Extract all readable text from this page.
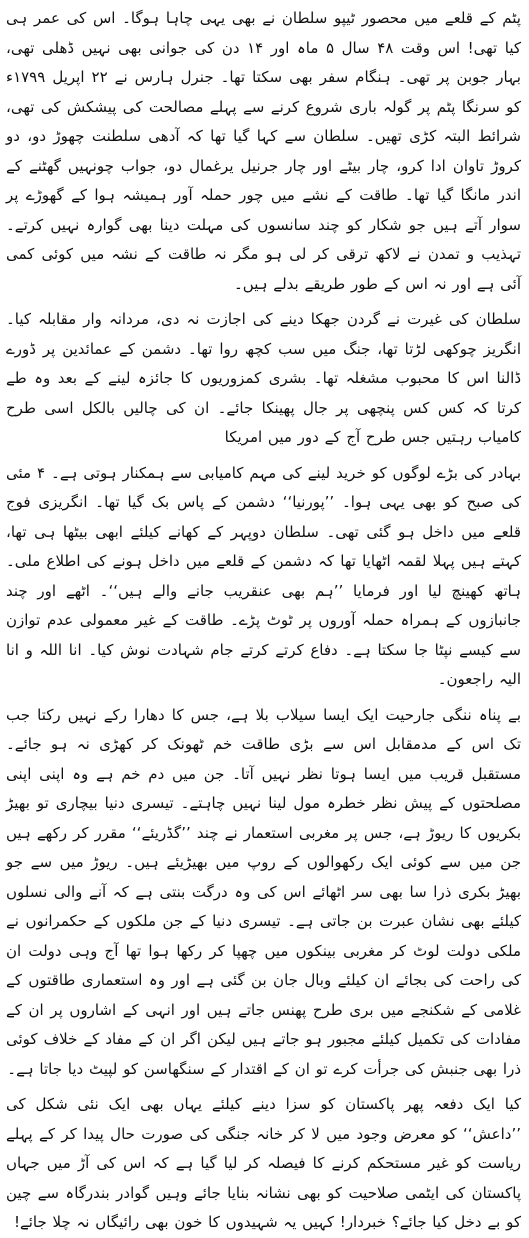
پٹم کے قلعے میں محصور ٹیپو سلطان نے بھی یہی چاہا ہوگا۔ اس کی عمر ہی کیا تھی! اس وقت ۴۸ سال ۵ ماہ اور ۱۴ دن کی جوانی بھی نہیں ڈھلی تھی، بہار جوبن پر تھی۔ ہنگام سفر بھی سکتا تھا۔ جنرل ہارس نے ۲۲ اپریل ۱۷۹۹ء کو سرنگا پٹم پر گولہ باری شروع کرنے سے پہلے مصالحت کی پیشکش کی تھی، شرائط البتہ کڑی تھیں۔ سلطان سے کہا گیا تھا کہ آدھی سلطنت چھوڑ دو، دو کروڑ تاوان ادا کرو، چار بیٹے اور چار جرنیل یرغمال دو، جواب چونہیں گھٹنے کے اندر مانگا گیا تھا۔ طاقت کے نشے میں چور حملہ آور ہمیشہ ہوا کے گھوڑے پر سوار آتے ہیں جو شکار کو چند سانسوں کی مہلت دینا بھی گوارہ نہیں کرتے۔ تہذیب و تمدن نے لاکھ ترقی کر لی ہو مگر نہ طاقت کے نشہ میں کوئی کمی آئی ہے اور نہ اس کے طور طریقے بدلے ہیں۔

سلطان کی غیرت نے گردن جھکا دینے کی اجازت نہ دی، مردانہ وار مقابلہ کیا۔ انگریز چوکھی لڑتا تھا، جنگ میں سب کچھ روا تھا۔ دشمن کے عمائدین پر ڈورے ڈالنا اس کا محبوب مشغلہ تھا۔ بشری کمزوریوں کا جائزہ لینے کے بعد وہ طے کرتا کہ کس کس پنچھی پر جال پھینکا جائے۔ ان کی چالیں بالکل اسی طرح کامیاب رہتیں جس طرح آج کے دور میں امریکا

بہادر کی بڑے لوگوں کو خرید لینے کی مہم کامیابی سے ہمکنار ہوتی ہے۔ ۴ مئی کی صبح کو بھی یہی ہوا۔ ’’پورنیا‘‘ دشمن کے پاس بک گیا تھا۔ انگریزی فوج قلعے میں داخل ہو گئی تھی۔ سلطان دوپہر کے کھانے کیلئے ابھی بیٹھا ہی تھا، کہتے ہیں پہلا لقمہ اٹھایا تھا کہ دشمن کے قلعے میں داخل ہونے کی اطلاع ملی۔ ہاتھ کھینچ لیا اور فرمایا ’’ہم بھی عنقریب جانے والے ہیں‘‘۔ اٹھے اور چند جانبازوں کے ہمراہ حملہ آوروں پر ٹوٹ پڑے۔ طاقت کے غیر معمولی عدم توازن سے کیسے نپٹا جا سکتا ہے۔ دفاع کرتے کرتے جام شہادت نوش کیا۔ انا اللہ و انا الیہ راجعون۔

بے پناہ ننگی جارحیت ایک ایسا سیلاب بلا ہے، جس کا دھارا رکے نہیں رکتا جب تک اس کے مدمقابل اس سے بڑی طاقت خم ٹھونک کر کھڑی نہ ہو جائے۔ مستقبل قریب میں ایسا ہوتا نظر نہیں آتا۔ جن میں دم خم ہے وہ اپنی اپنی مصلحتوں کے پیش نظر خطرہ مول لینا نہیں چاہتے۔ تیسری دنیا بیچاری تو بھیڑ بکریوں کا ریوڑ ہے، جس پر مغربی استعمار نے چند ’’گڈریئے‘‘ مقرر کر رکھے ہیں جن میں سے کوئی ایک رکھوالوں کے روپ میں بھیڑیئے ہیں۔ ریوڑ میں سے جو بھیڑ بکری ذرا سا بھی سر اٹھائے اس کی وہ درگت بنتی ہے کہ آنے والی نسلوں کیلئے بھی نشان عبرت بن جاتی ہے۔ تیسری دنیا کے جن ملکوں کے حکمرانوں نے ملکی دولت لوٹ کر مغربی بینکوں میں چھپا کر رکھا ہوا تھا آج وہی دولت ان کی راحت کی بجائے ان کیلئے وبال جان بن گئی ہے اور وہ استعماری طاقتوں کے غلامی کے شکنجے میں بری طرح پھنس جاتے ہیں اور انہی کے اشاروں پر ان کے مفادات کی تکمیل کیلئے مجبور ہو جاتے ہیں لیکن اگر ان کے مفاد کے خلاف کوئی ذرا بھی جنبش کی جرأت کرے تو ان کے اقتدار کے سنگھاسن کو لپیٹ دیا جاتا ہے۔

کیا ایک دفعہ پھر پاکستان کو سزا دینے کیلئے یہاں بھی ایک نئی شکل کی ’’داعش‘‘ کو معرض وجود میں لا کر خانہ جنگی کی صورت حال پیدا کر کے پہلے ریاست کو غیر مستحکم کرنے کا فیصلہ کر لیا گیا ہے کہ اس کی آڑ میں جہاں پاکستان کی ایٹمی صلاحیت کو بھی نشانہ بنایا جائے وہیں گوادر بندرگاہ سے چین کو بے دخل کیا جائے؟ خبردار! کہیں یہ شہیدوں کا خون بھی رائیگاں نہ چلا جائے!
